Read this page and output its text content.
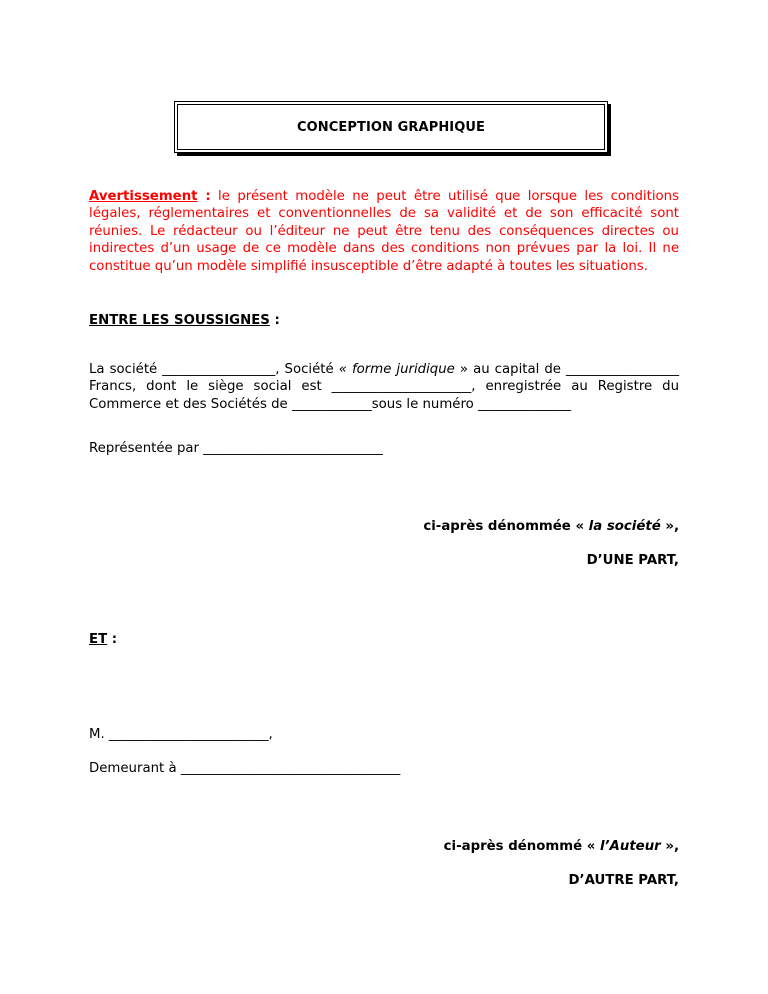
CONCEPTION GRAPHIQUE
Avertissement : le présent modèle ne peut être utilisé que lorsque les conditions légales, réglementaires et conventionnelles de sa validité et de son efficacité sont réunies. Le rédacteur ou l’éditeur ne peut être tenu des conséquences directes ou indirectes d’un usage de ce modèle dans des conditions non prévues par la loi. Il ne constitue qu’un modèle simplifié insusceptible d’être adapté à toutes les situations.
ENTRE LES SOUSSIGNES :
La société _________________, Société « forme juridique » au capital de _________________ Francs, dont le siège social est _____________________, enregistrée au Registre du Commerce et des Sociétés de ____________sous le numéro ______________
Représentée par ___________________________
ci-après dénommée « la société »,
D’UNE PART,
ET :
M. ________________________,
Demeurant à _________________________________
ci-après dénommé « l’Auteur »,
D’AUTRE PART,
